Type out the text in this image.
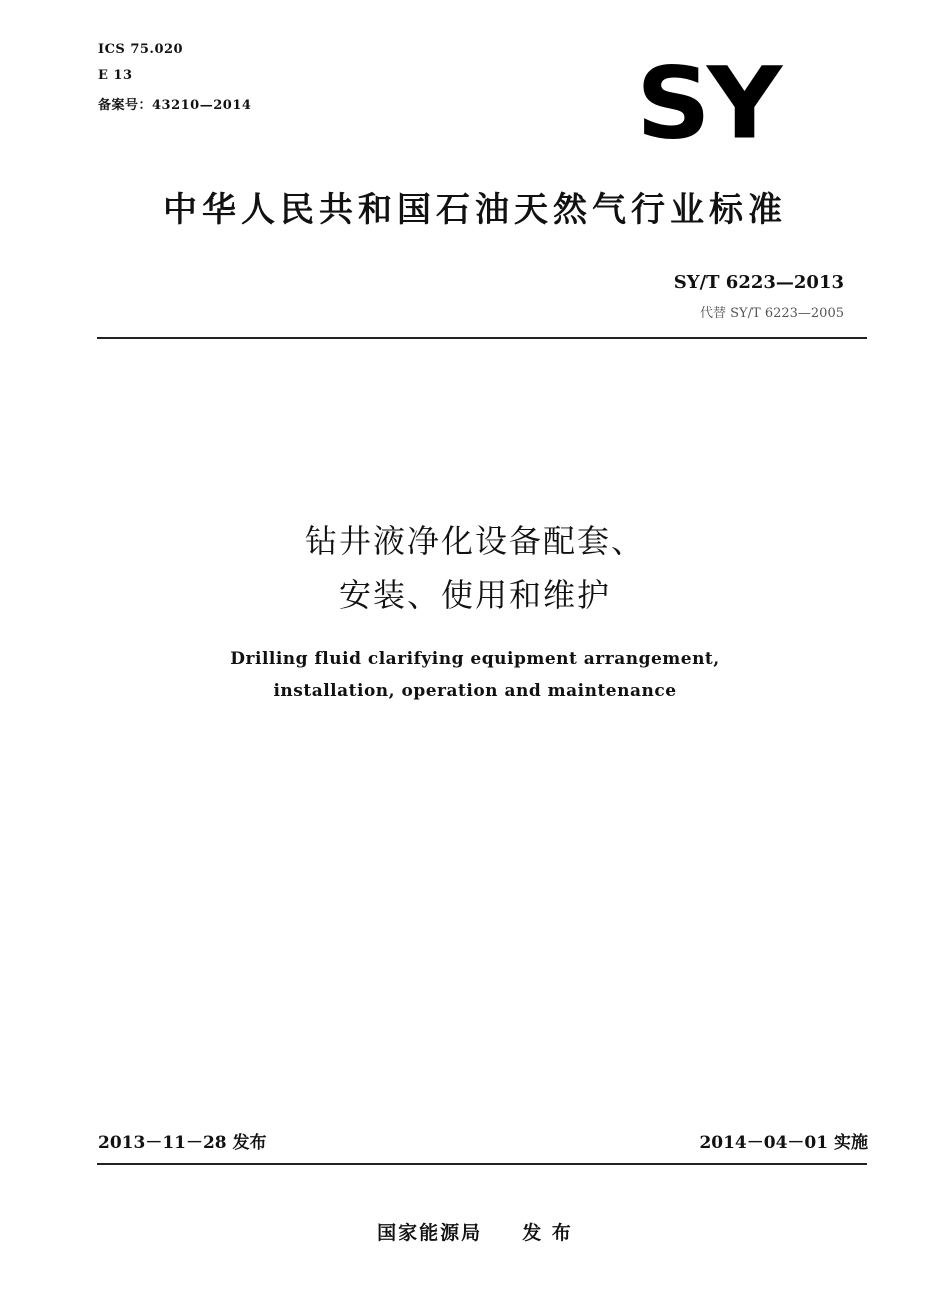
ICS 75.020
E 13
备案号：43210—2014	SY
中华人民共和国石油天然气行业标准
SY/T 6223—2013
代替 SY/T 6223—2005
钻井液净化设备配套、
安装、使用和维护
Drilling fluid clarifying equipment arrangement,
installation, operation and maintenance
2013－11－28 发布	2014－04－01 实施
国家能源局 发 布
